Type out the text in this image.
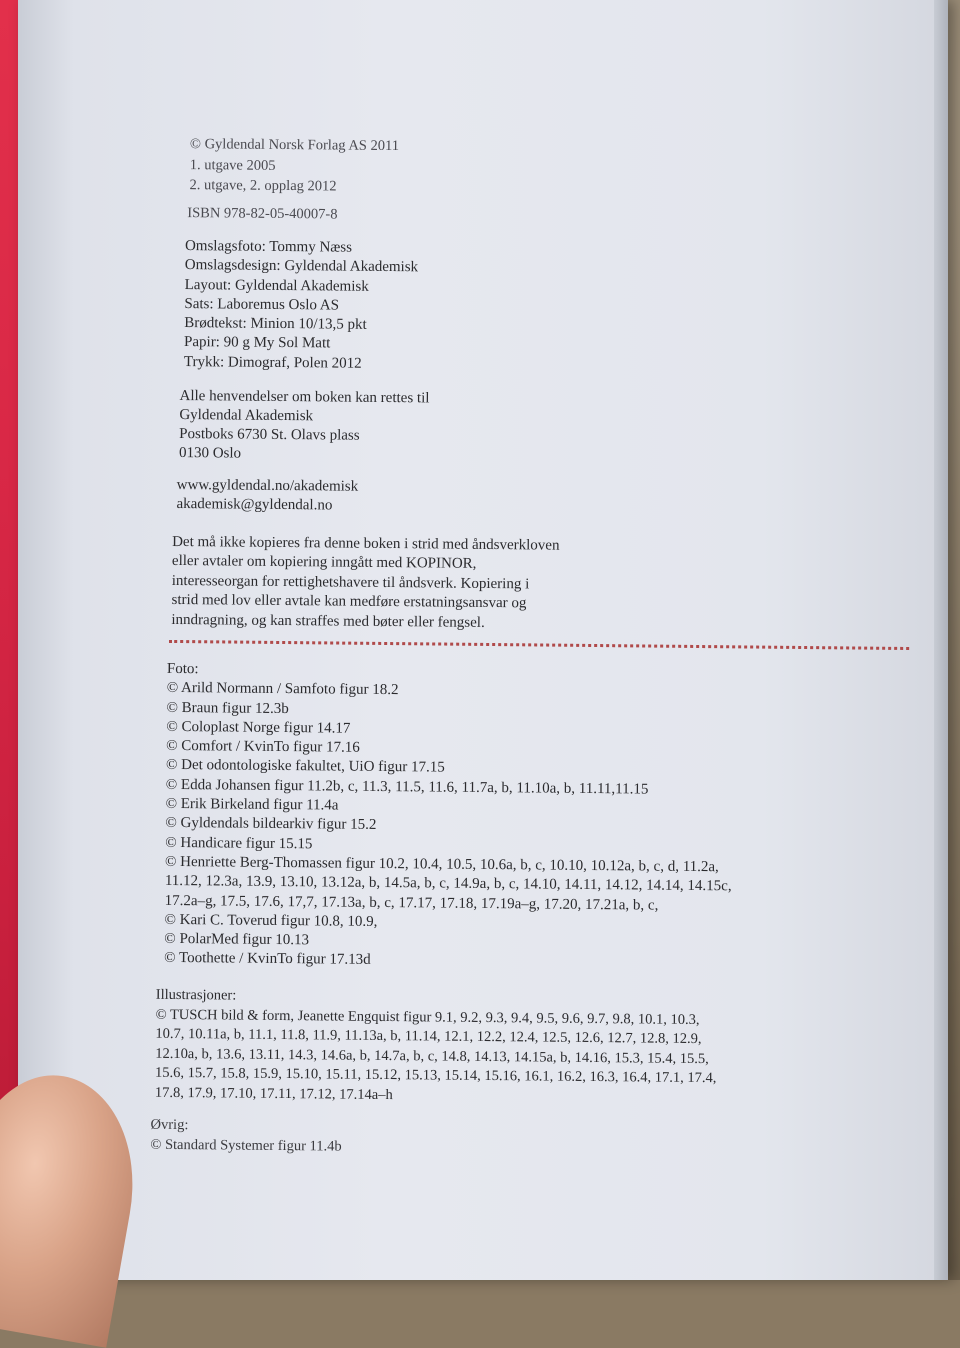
© Gyldendal Norsk Forlag AS 2011
1. utgave 2005
2. utgave, 2. opplag 2012
ISBN 978-82-05-40007-8
Omslagsfoto: Tommy Næss
Omslagsdesign: Gyldendal Akademisk
Layout: Gyldendal Akademisk
Sats: Laboremus Oslo AS
Brødtekst: Minion 10/13,5 pkt
Papir: 90 g My Sol Matt
Trykk: Dimograf, Polen 2012
Alle henvendelser om boken kan rettes til
Gyldendal Akademisk
Postboks 6730 St. Olavs plass
0130 Oslo
www.gyldendal.no/akademisk
akademisk@gyldendal.no
Det må ikke kopieres fra denne boken i strid med åndsverkloven
eller avtaler om kopiering inngått med KOPINOR,
interesseorgan for rettighetshavere til åndsverk. Kopiering i
strid med lov eller avtale kan medføre erstatningsansvar og
inndragning, og kan straffes med bøter eller fengsel.
Foto:
© Arild Normann / Samfoto figur 18.2
© Braun figur 12.3b
© Coloplast Norge figur 14.17
© Comfort / KvinTo figur 17.16
© Det odontologiske fakultet, UiO figur 17.15
© Edda Johansen figur 11.2b, c, 11.3, 11.5, 11.6, 11.7a, b, 11.10a, b, 11.11,11.15
© Erik Birkeland figur 11.4a
© Gyldendals bildearkiv figur 15.2
© Handicare figur 15.15
© Henriette Berg-Thomassen figur 10.2, 10.4, 10.5, 10.6a, b, c, 10.10, 10.12a, b, c, d, 11.2a,
11.12, 12.3a, 13.9, 13.10, 13.12a, b, 14.5a, b, c, 14.9a, b, c, 14.10, 14.11, 14.12, 14.14, 14.15c,
17.2a–g, 17.5, 17.6, 17,7, 17.13a, b, c, 17.17, 17.18, 17.19a–g, 17.20, 17.21a, b, c,
© Kari C. Toverud figur 10.8, 10.9,
© PolarMed figur 10.13
© Toothette / KvinTo figur 17.13d
Illustrasjoner:
© TUSCH bild & form, Jeanette Engquist figur 9.1, 9.2, 9.3, 9.4, 9.5, 9.6, 9.7, 9.8, 10.1, 10.3,
10.7, 10.11a, b, 11.1, 11.8, 11.9, 11.13a, b, 11.14, 12.1, 12.2, 12.4, 12.5, 12.6, 12.7, 12.8, 12.9,
12.10a, b, 13.6, 13.11, 14.3, 14.6a, b, 14.7a, b, c, 14.8, 14.13, 14.15a, b, 14.16, 15.3, 15.4, 15.5,
15.6, 15.7, 15.8, 15.9, 15.10, 15.11, 15.12, 15.13, 15.14, 15.16, 16.1, 16.2, 16.3, 16.4, 17.1, 17.4,
17.8, 17.9, 17.10, 17.11, 17.12, 17.14a–h
Øvrig:
© Standard Systemer figur 11.4b
